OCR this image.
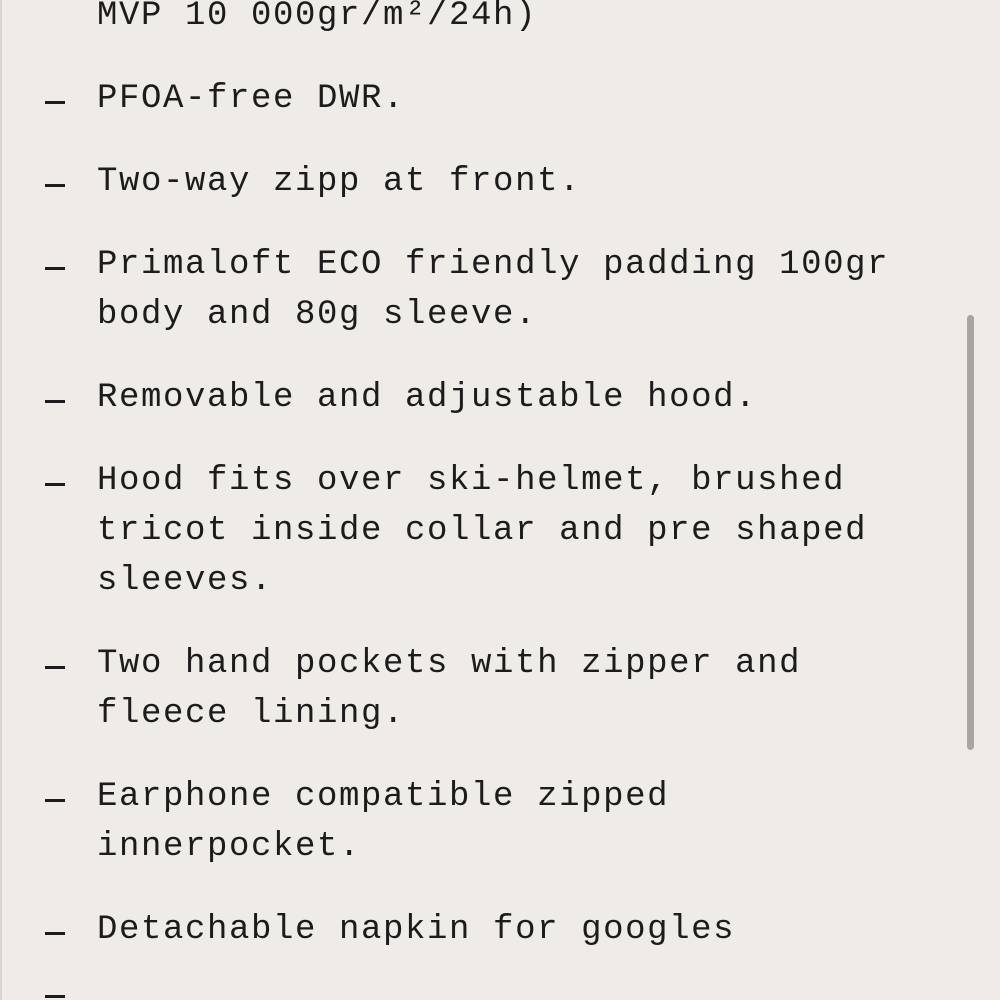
MVP 10 000gr/m²/24h)
PFOA-free DWR.
Two-way zipp at front.
Primaloft ECO friendly padding 100gr
body and 80g sleeve.
Removable and adjustable hood.
Hood fits over ski-helmet, brushed
tricot inside collar and pre shaped
sleeves.
Two hand pockets with zipper and
fleece lining.
Earphone compatible zipped
innerpocket.
Detachable napkin for googles
